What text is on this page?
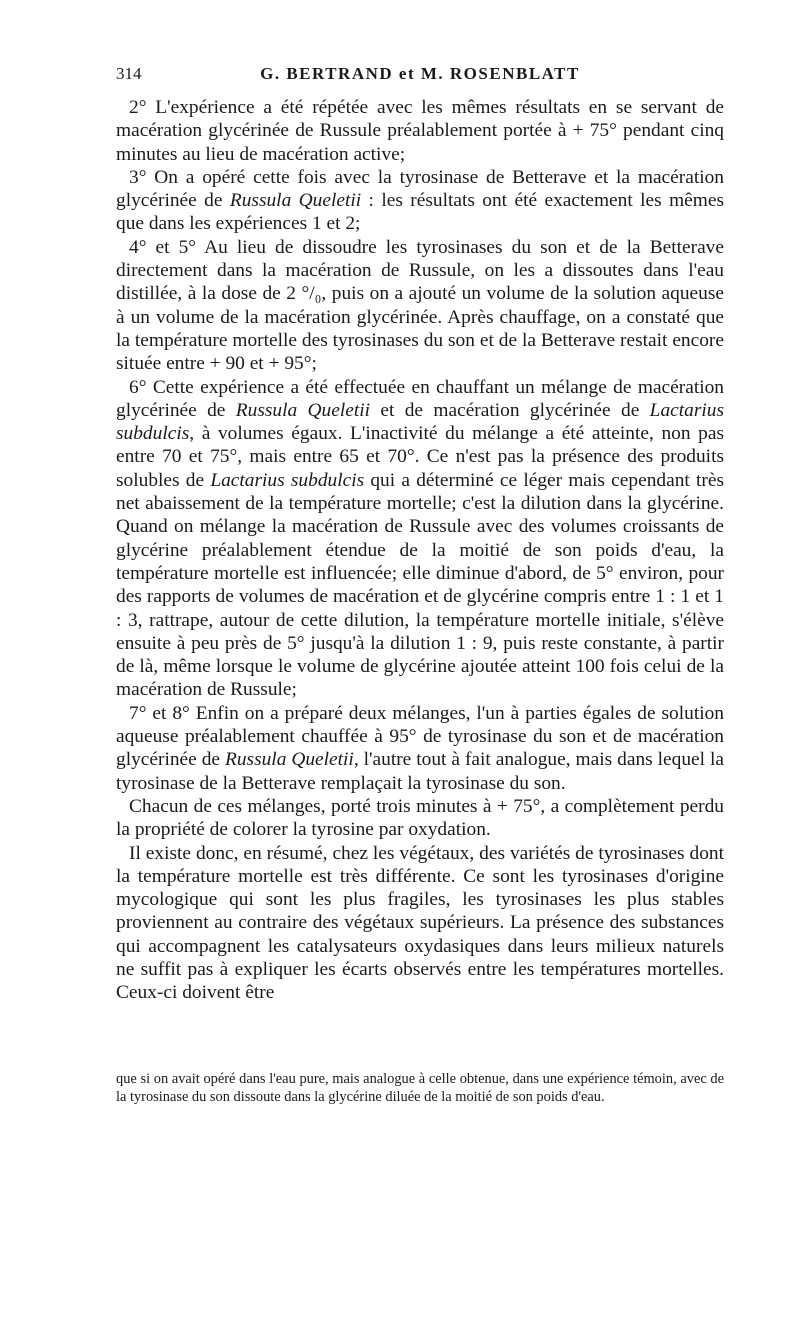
314	G. BERTRAND et M. ROSENBLATT

2° L'expérience a été répétée avec les mêmes résultats en se servant de macération glycérinée de Russule préalablement portée à + 75° pendant cinq minutes au lieu de macération active;

3° On a opéré cette fois avec la tyrosinase de Betterave et la macération glycérinée de Russula Queletii : les résultats ont été exactement les mêmes que dans les expériences 1 et 2;

4° et 5° Au lieu de dissoudre les tyrosinases du son et de la Betterave directement dans la macération de Russule, on les a dissoutes dans l'eau distillée, à la dose de 2 °/₀, puis on a ajouté un volume de la solution aqueuse à un volume de la macération glycérinée. Après chauffage, on a constaté que la température mortelle des tyrosinases du son et de la Betterave restait encore située entre + 90 et + 95°;

6° Cette expérience a été effectuée en chauffant un mélange de macération glycérinée de Russula Queletii et de macération glycérinée de Lactarius subdulcis, à volumes égaux. L'inactivité du mélange a été atteinte, non pas entre 70 et 75°, mais entre 65 et 70°. Ce n'est pas la présence des produits solubles de Lactarius subdulcis qui a déterminé ce léger mais cependant très net abaissement de la température mortelle; c'est la dilution dans la glycérine. Quand on mélange la macération de Russule avec des volumes croissants de glycérine préalablement étendue de la moitié de son poids d'eau, la température mortelle est influencée; elle diminue d'abord, de 5° environ, pour des rapports de volumes de macération et de glycérine compris entre 1 : 1 et 1 : 3, rattrape, autour de cette dilution, la température mortelle initiale, s'élève ensuite à peu près de 5° jusqu'à la dilution 1 : 9, puis reste constante, à partir de là, même lorsque le volume de glycérine ajoutée atteint 100 fois celui de la macération de Russule;

7° et 8° Enfin on a préparé deux mélanges, l'un à parties égales de solution aqueuse préalablement chauffée à 95° de tyrosinase du son et de macération glycérinée de Russula Queletii, l'autre tout à fait analogue, mais dans lequel la tyrosinase de la Betterave remplaçait la tyrosinase du son.

Chacun de ces mélanges, porté trois minutes à + 75°, a complètement perdu la propriété de colorer la tyrosine par oxydation.

Il existe donc, en résumé, chez les végétaux, des variétés de tyrosinases dont la température mortelle est très différente. Ce sont les tyrosinases d'origine mycologique qui sont les plus fragiles, les tyrosinases les plus stables proviennent au contraire des végétaux supérieurs. La présence des substances qui accompagnent les catalysateurs oxydasiques dans leurs milieux naturels ne suffit pas à expliquer les écarts observés entre les températures mortelles. Ceux-ci doivent être

que si on avait opéré dans l'eau pure, mais analogue à celle obtenue, dans une expérience témoin, avec de la tyrosinase du son dissoute dans la glycérine diluée de la moitié de son poids d'eau.
